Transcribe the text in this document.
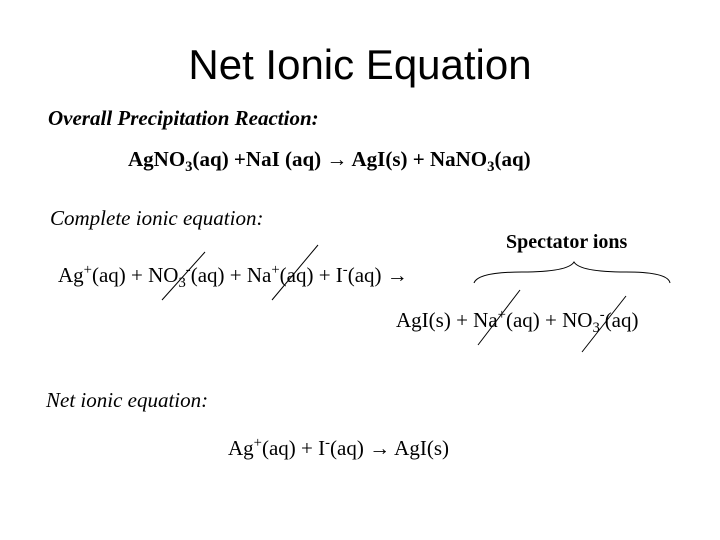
Net Ionic Equation
Overall Precipitation Reaction:
AgNO$_3$(aq) +NaI (aq) → AgI(s) + NaNO$_3$(aq)
Complete ionic equation:
Spectator ions
$Ag^+(aq) + NO_3^-(aq) + Na^+(aq) + I^-(aq)$ →
$AgI(s) + Na^+(aq) + NO_3^-(aq)$
Net ionic equation:
Ag+(aq) + I-(aq) → AgI(s)
